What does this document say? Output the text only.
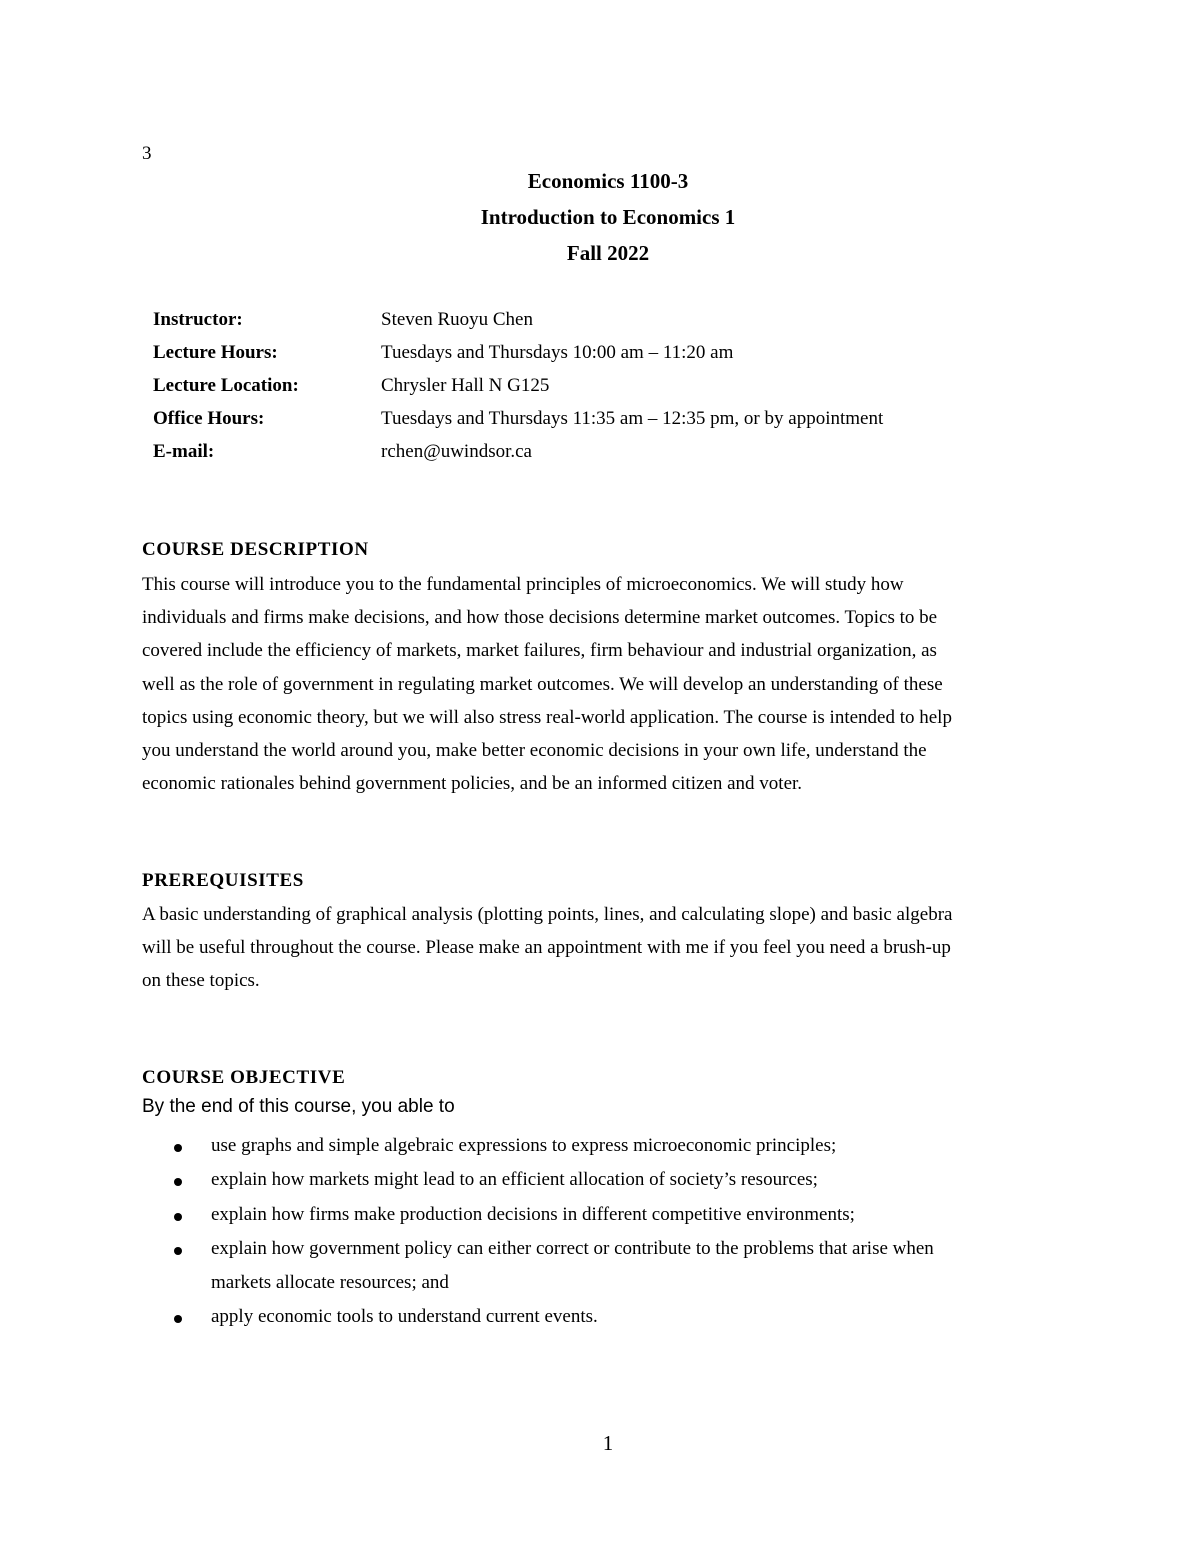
3
Economics 1100-3
Introduction to Economics 1
Fall 2022
Instructor:	Steven Ruoyu Chen
Lecture Hours:	Tuesdays and Thursdays 10:00 am – 11:20 am
Lecture Location:	Chrysler Hall N G125
Office Hours:	Tuesdays and Thursdays 11:35 am – 12:35 pm, or by appointment
E-mail:	rchen@uwindsor.ca
COURSE DESCRIPTION
This course will introduce you to the fundamental principles of microeconomics. We will study how
individuals and firms make decisions, and how those decisions determine market outcomes. Topics to be
covered include the efficiency of markets, market failures, firm behaviour and industrial organization, as
well as the role of government in regulating market outcomes. We will develop an understanding of these
topics using economic theory, but we will also stress real-world application. The course is intended to help
you understand the world around you, make better economic decisions in your own life, understand the
economic rationales behind government policies, and be an informed citizen and voter.
PREREQUISITES
A basic understanding of graphical analysis (plotting points, lines, and calculating slope) and basic algebra
will be useful throughout the course. Please make an appointment with me if you feel you need a brush-up
on these topics.
COURSE OBJECTIVE
By the end of this course, you able to
use graphs and simple algebraic expressions to express microeconomic principles;
explain how markets might lead to an efficient allocation of society’s resources;
explain how firms make production decisions in different competitive environments;
explain how government policy can either correct or contribute to the problems that arise when
markets allocate resources; and
apply economic tools to understand current events.
1
